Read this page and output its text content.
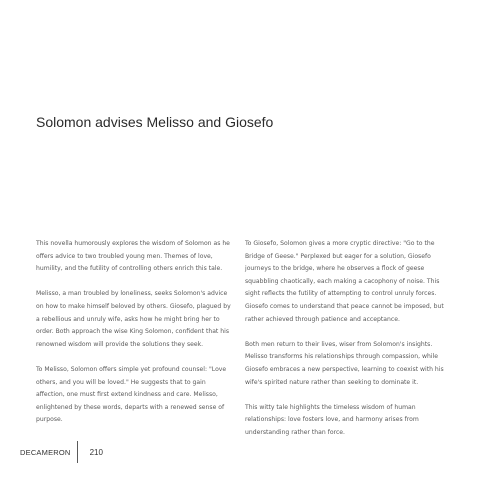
Solomon advises Melisso and Giosefo

This novella humorously explores the wisdom of Solomon as he offers advice to two troubled young men. Themes of love, humility, and the futility of controlling others enrich this tale.

Melisso, a man troubled by loneliness, seeks Solomon's advice on how to make himself beloved by others. Giosefo, plagued by a rebellious and unruly wife, asks how he might bring her to order. Both approach the wise King Solomon, confident that his renowned wisdom will provide the solutions they seek.

To Melisso, Solomon offers simple yet profound counsel: "Love others, and you will be loved." He suggests that to gain affection, one must first extend kindness and care. Melisso, enlightened by these words, departs with a renewed sense of purpose.

To Giosefo, Solomon gives a more cryptic directive: "Go to the Bridge of Geese." Perplexed but eager for a solution, Giosefo journeys to the bridge, where he observes a flock of geese squabbling chaotically, each making a cacophony of noise. This sight reflects the futility of attempting to control unruly forces. Giosefo comes to understand that peace cannot be imposed, but rather achieved through patience and acceptance.

Both men return to their lives, wiser from Solomon's insights. Melisso transforms his relationships through compassion, while Giosefo embraces a new perspective, learning to coexist with his wife's spirited nature rather than seeking to dominate it.

This witty tale highlights the timeless wisdom of human relationships: love fosters love, and harmony arises from understanding rather than force.

DECAMERON	210
